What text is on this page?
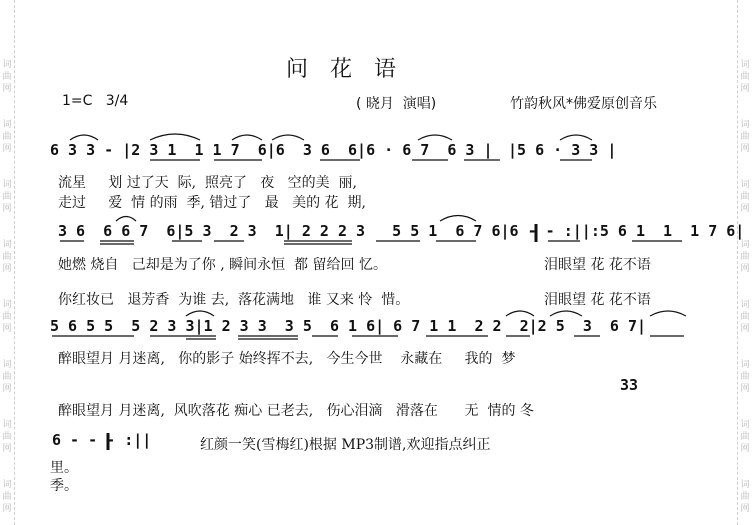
词
曲
网
词
曲
网
词
曲
网
词
曲
网
词
曲
网
词
曲
网
词
曲
网
词
曲
网
词
曲
网
词
曲
网
词
曲
网
词
曲
网
词
曲
网
词
曲
网
词
曲
网
词
曲
网
问花语
1=C   3/4	( 晓月  演唱)	竹韵秋风*佛爱原创音乐
6 3 3 - |2 3 1  1 1 7  6|6  3 6  6|6 · 6 7  6 3 | |5 6 · 3 3 |
流星     划 过了天  际,  照亮了   夜   空的美  丽,
走过     爱  情 的雨  季, 错过了   最   美的 花  期,
3 6  6 6 7  6|5 3  2 3  1| 2 2 2 3   5 5 1  6 7 6|6 - - :||:5 6 1  1  1 7 6|
她燃 烧自   己却是为了你 , 瞬间永恒  都 留给回 忆。	泪眼望 花 花不语
你红妆已   退芳香  为谁 去,  落花满地   谁 又来 怜  惜。	泪眼望 花 花不语
5 6 5 5  5 2 3 3|1 2 3 3  3 5  6 1 6| 6 7 1 1  2 2  2|2 5  3  6 7|
醉眼望月 月迷离,   你的影子 始终挥不去,   今生今世    永藏在     我的  梦
33
醉眼望月 月迷离,  风吹落花 痴心 已老去,   伤心泪滴   滑落在      无  情的 冬
6 - - - :||	红颜一笑(雪梅红)根据 MP3制谱,欢迎指点纠正
里。
季。
